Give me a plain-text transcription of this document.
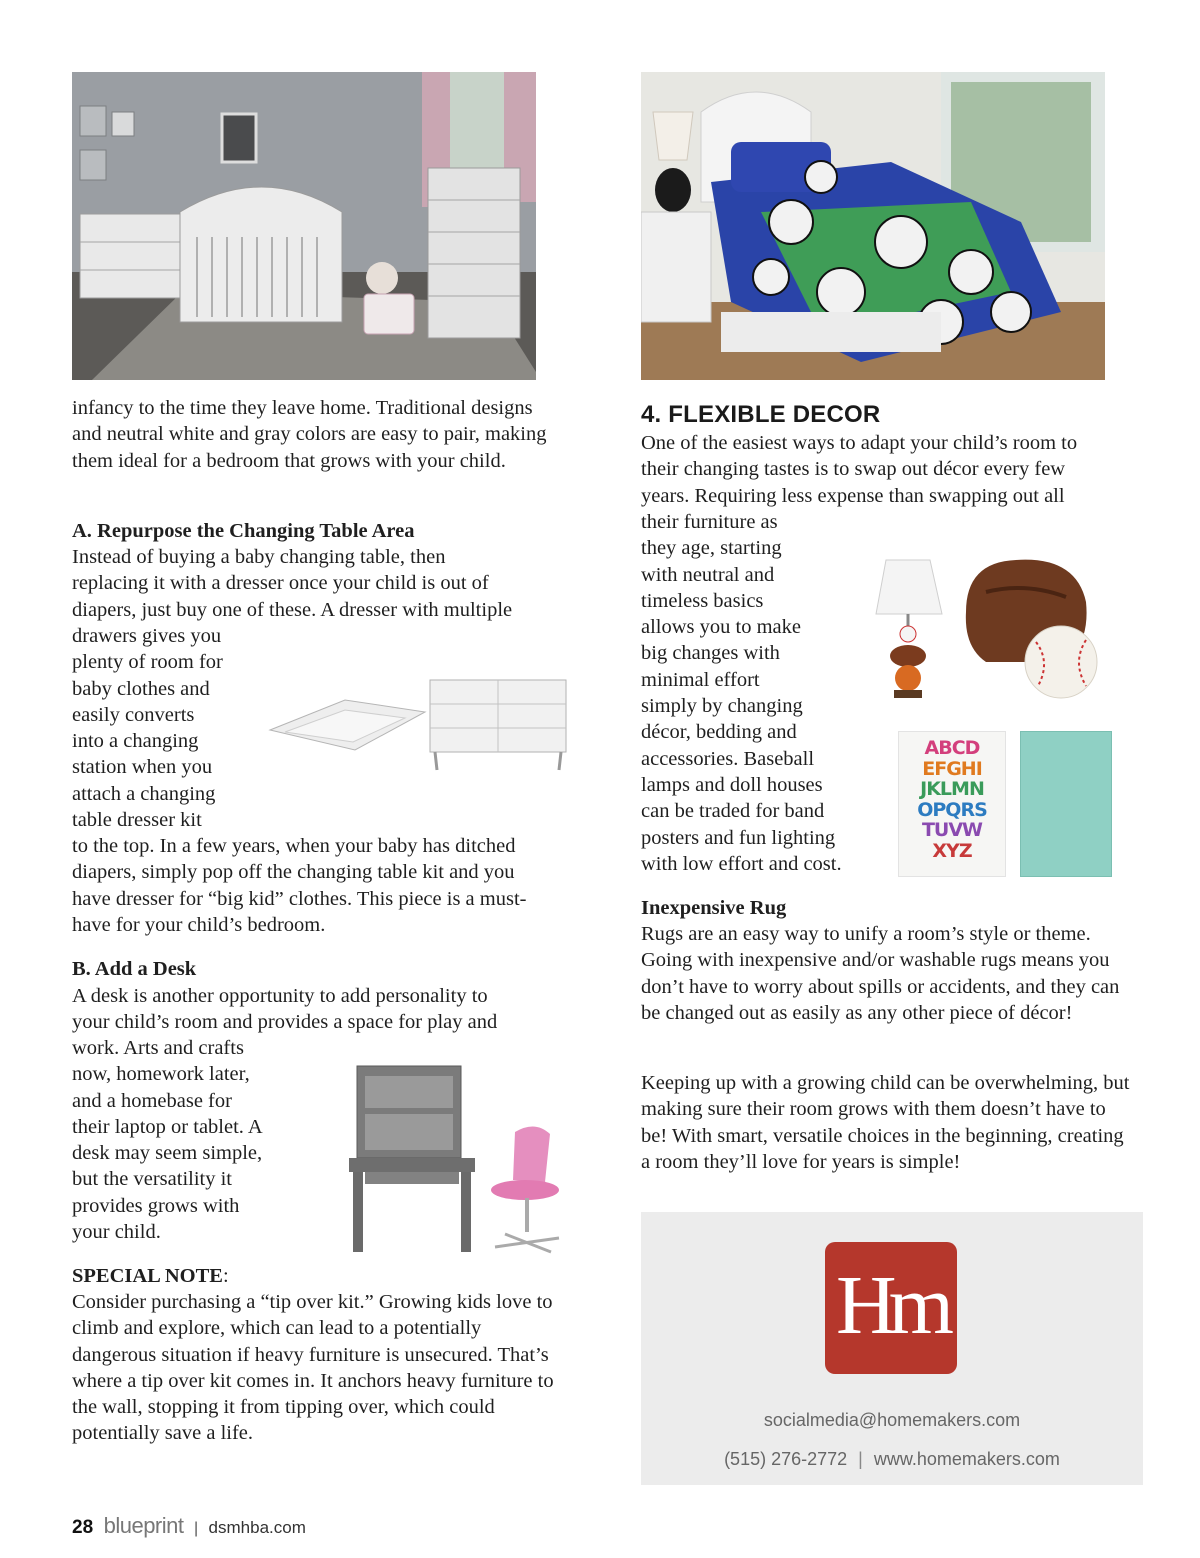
infancy to the time they leave home. Traditional designs and neutral white and gray colors are easy to pair, making them ideal for a bedroom that grows with your child.

A. Repurpose the Changing Table Area
Instead of buying a baby changing table, then
replacing it with a dresser once your child is out of
diapers, just buy one of these. A dresser with multiple
drawers gives you
plenty of room for
baby clothes and
easily converts
into a changing
station when you
attach a changing
table dresser kit
to the top. In a few years, when your baby has ditched
diapers, simply pop off the changing table kit and you
have dresser for “big kid” clothes. This piece is a must-
have for your child’s bedroom.
B. Add a Desk
A desk is another opportunity to add personality to
your child’s room and provides a space for play and
work. Arts and crafts
now, homework later,
and a homebase for
their laptop or tablet. A
desk may seem simple,
but the versatility it
provides grows with
your child.
SPECIAL NOTE:

Consider purchasing a “tip over kit.” Growing kids love to climb and explore, which can lead to a potentially dangerous situation if heavy furniture is unsecured. That’s where a tip over kit comes in. It anchors heavy furniture to the wall, stopping it from tipping over, which could potentially save a life.

4. FLEXIBLE DECOR
One of the easiest ways to adapt your child’s room to
their changing tastes is to swap out décor every few
years. Requiring less expense than swapping out all
their furniture as
they age, starting
with neutral and
timeless basics
allows you to make
big changes with
minimal effort
simply by changing
décor, bedding and
accessories. Baseball
lamps and doll houses
can be traded for band
posters and fun lighting
with low effort and cost.
ABCD
EFGHI
JKLMN
OPQRS
TUVW
XYZ
Inexpensive Rug

Rugs are an easy way to unify a room’s style or theme. Going with inexpensive and/or washable rugs means you don’t have to worry about spills or accidents, and they can be changed out as easily as any other piece of décor!

Keeping up with a growing child can be overwhelming, but making sure their room grows with them doesn’t have to be! With smart, versatile choices in the beginning, creating a room they’ll love for years is simple!

Hm
socialmedia@homemakers.com
(515) 276-2772 | www.homemakers.com
28 blueprint | dsmhba.com
